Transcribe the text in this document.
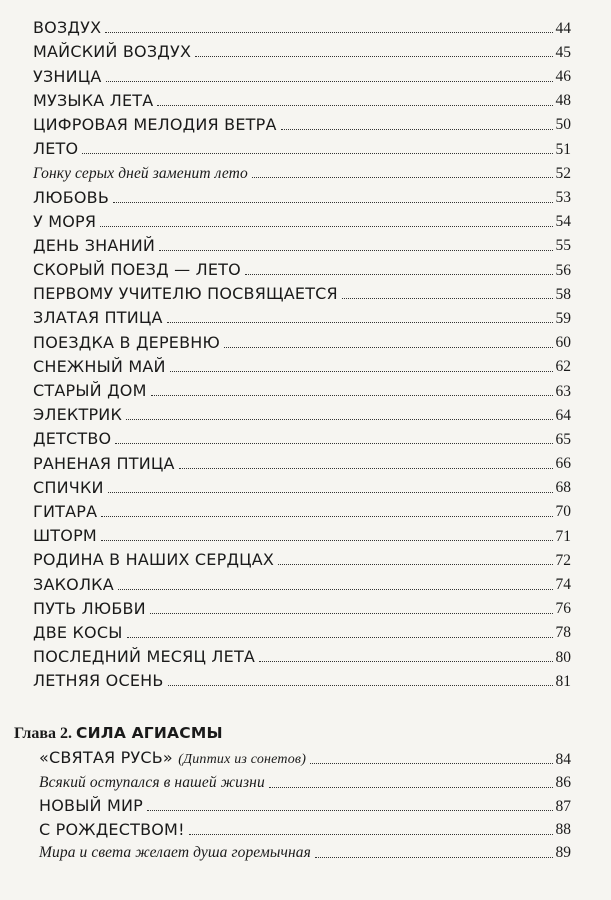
ВОЗДУХ	44
МАЙСКИЙ ВОЗДУХ	45
УЗНИЦА	46
МУЗЫКА ЛЕТА	48
ЦИФРОВАЯ МЕЛОДИЯ ВЕТРА	50
ЛЕТО	51
Гонку серых дней заменит лето	52
ЛЮБОВЬ	53
У МОРЯ	54
ДЕНЬ ЗНАНИЙ	55
СКОРЫЙ ПОЕЗД — ЛЕТО	56
ПЕРВОМУ УЧИТЕЛЮ ПОСВЯЩАЕТСЯ	58
ЗЛАТАЯ ПТИЦА	59
ПОЕЗДКА В ДЕРЕВНЮ	60
СНЕЖНЫЙ МАЙ	62
СТАРЫЙ ДОМ	63
ЭЛЕКТРИК	64
ДЕТСТВО	65
РАНЕНАЯ ПТИЦА	66
СПИЧКИ	68
ГИТАРА	70
ШТОРМ	71
РОДИНА В НАШИХ СЕРДЦАХ	72
ЗАКОЛКА	74
ПУТЬ ЛЮБВИ	76
ДВЕ КОСЫ	78
ПОСЛЕДНИЙ МЕСЯЦ ЛЕТА	80
ЛЕТНЯЯ ОСЕНЬ	81
Глава 2. СИЛА АГИАСМЫ
«СВЯТАЯ РУСЬ» (Диптих из сонетов)	84
Всякий оступался в нашей жизни	86
НОВЫЙ МИР	87
С РОЖДЕСТВОМ!	88
Мира и света желает душа горемычная	89
